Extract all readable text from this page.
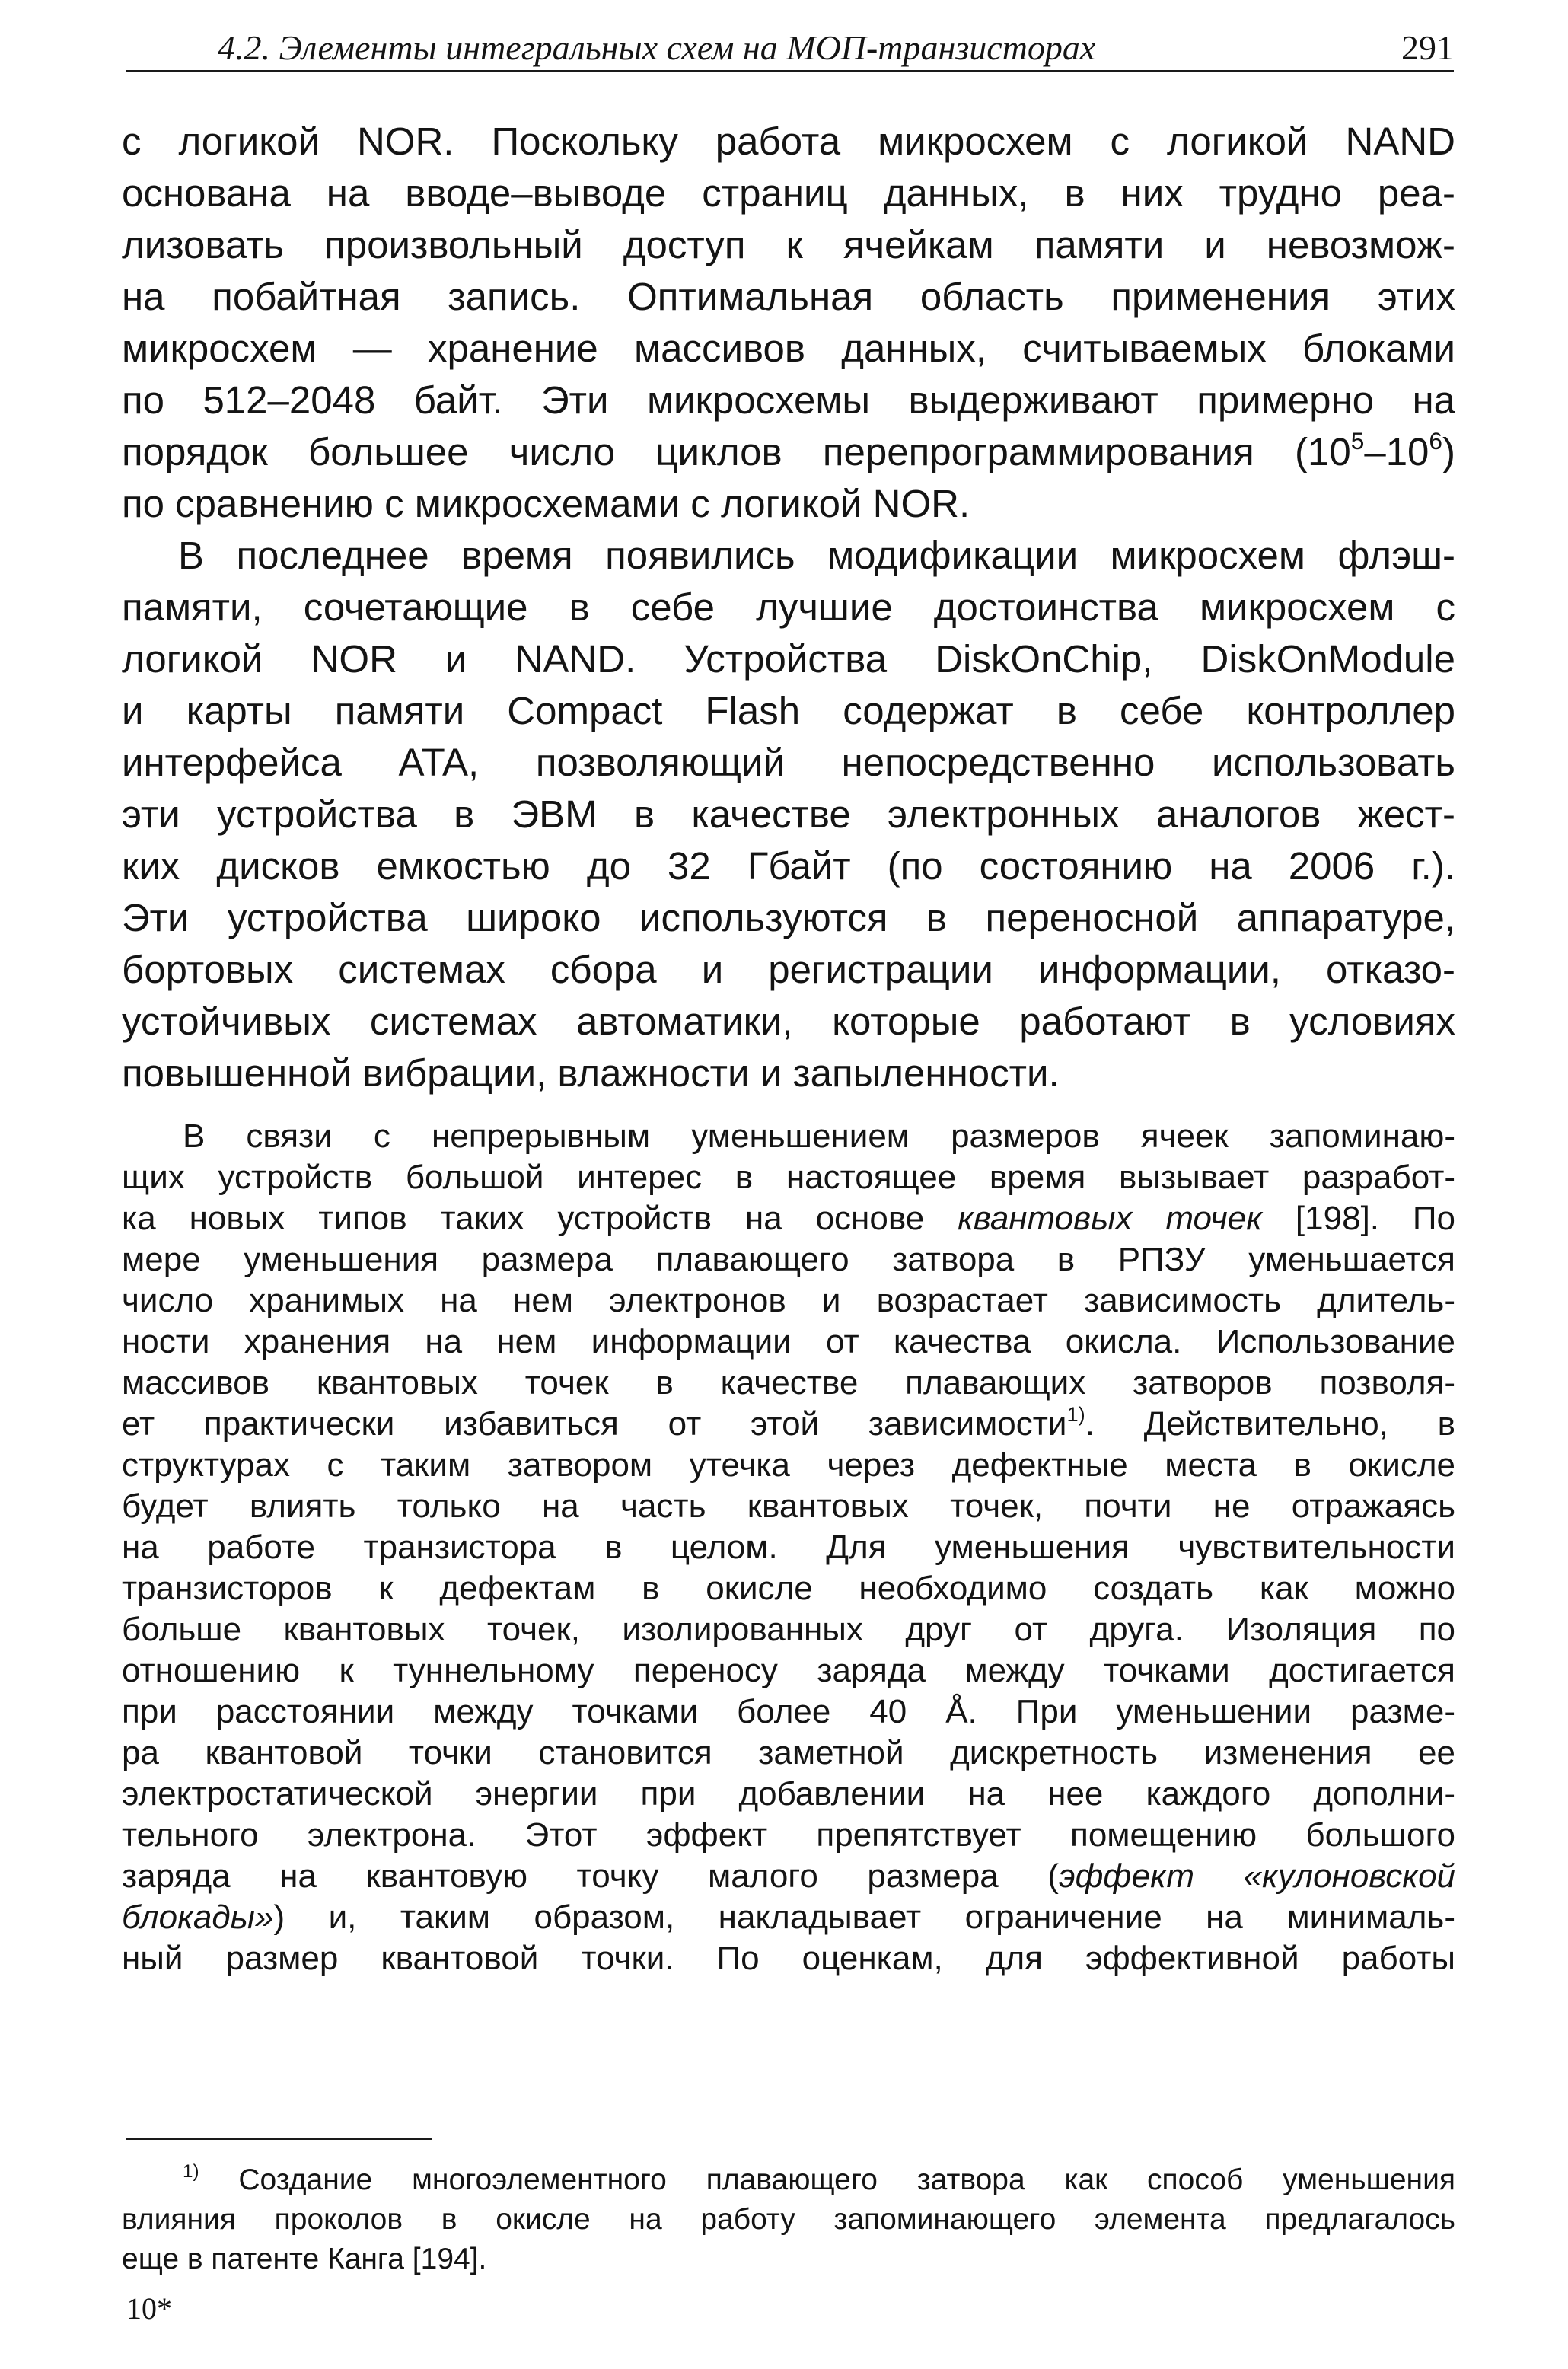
4.2. Элементы интегральных схем на МОП-транзисторах	291
с логикой NOR. Поскольку работа микросхем с логикой NAND
основана на вводе–выводе страниц данных, в них трудно реа-
лизовать произвольный доступ к ячейкам памяти и невозмож-
на побайтная запись. Оптимальная область применения этих
микросхем — хранение массивов данных, считываемых блоками
по 512–2048 байт. Эти микросхемы выдерживают примерно на
порядок большее число циклов перепрограммирования $(10^5-10^6)$
по сравнению с микросхемами с логикой NOR.
В последнее время появились модификации микросхем флэш-
памяти, сочетающие в себе лучшие достоинства микросхем с
логикой NOR и NAND. Устройства DiskOnChip, DiskOnModule
и карты памяти Compact Flash содержат в себе контроллер
интерфейса ATA, позволяющий непосредственно использовать
эти устройства в ЭВМ в качестве электронных аналогов жест-
ких дисков емкостью до 32 Гбайт (по состоянию на 2006 г.).
Эти устройства широко используются в переносной аппаратуре,
бортовых системах сбора и регистрации информации, отказо-
устойчивых системах автоматики, которые работают в условиях
повышенной вибрации, влажности и запыленности.
В связи с непрерывным уменьшением размеров ячеек запоминаю-
щих устройств большой интерес в настоящее время вызывает разработ-
ка новых типов таких устройств на основе квантовых точек [198]. По
мере уменьшения размера плавающего затвора в РПЗУ уменьшается
число хранимых на нем электронов и возрастает зависимость длитель-
ности хранения на нем информации от качества окисла. Использование
массивов квантовых точек в качестве плавающих затворов позволя-
ет практически избавиться от этой зависимости$^{1)}$. Действительно, в
структурах с таким затвором утечка через дефектные места в окисле
будет влиять только на часть квантовых точек, почти не отражаясь
на работе транзистора в целом. Для уменьшения чувствительности
транзисторов к дефектам в окисле необходимо создать как можно
больше квантовых точек, изолированных друг от друга. Изоляция по
отношению к туннельному переносу заряда между точками достигается
при расстоянии между точками более 40 Å. При уменьшении разме-
ра квантовой точки становится заметной дискретность изменения ее
электростатической энергии при добавлении на нее каждого дополни-
тельного электрона. Этот эффект препятствует помещению большого
заряда на квантовую точку малого размера (эффект «кулоновской
блокады») и, таким образом, накладывает ограничение на минималь-
ный размер квантовой точки. По оценкам, для эффективной работы
$^{1)}$ Создание многоэлементного плавающего затвора как способ уменьшения
влияния проколов в окисле на работу запоминающего элемента предлагалось
еще в патенте Канга [194].
10*
